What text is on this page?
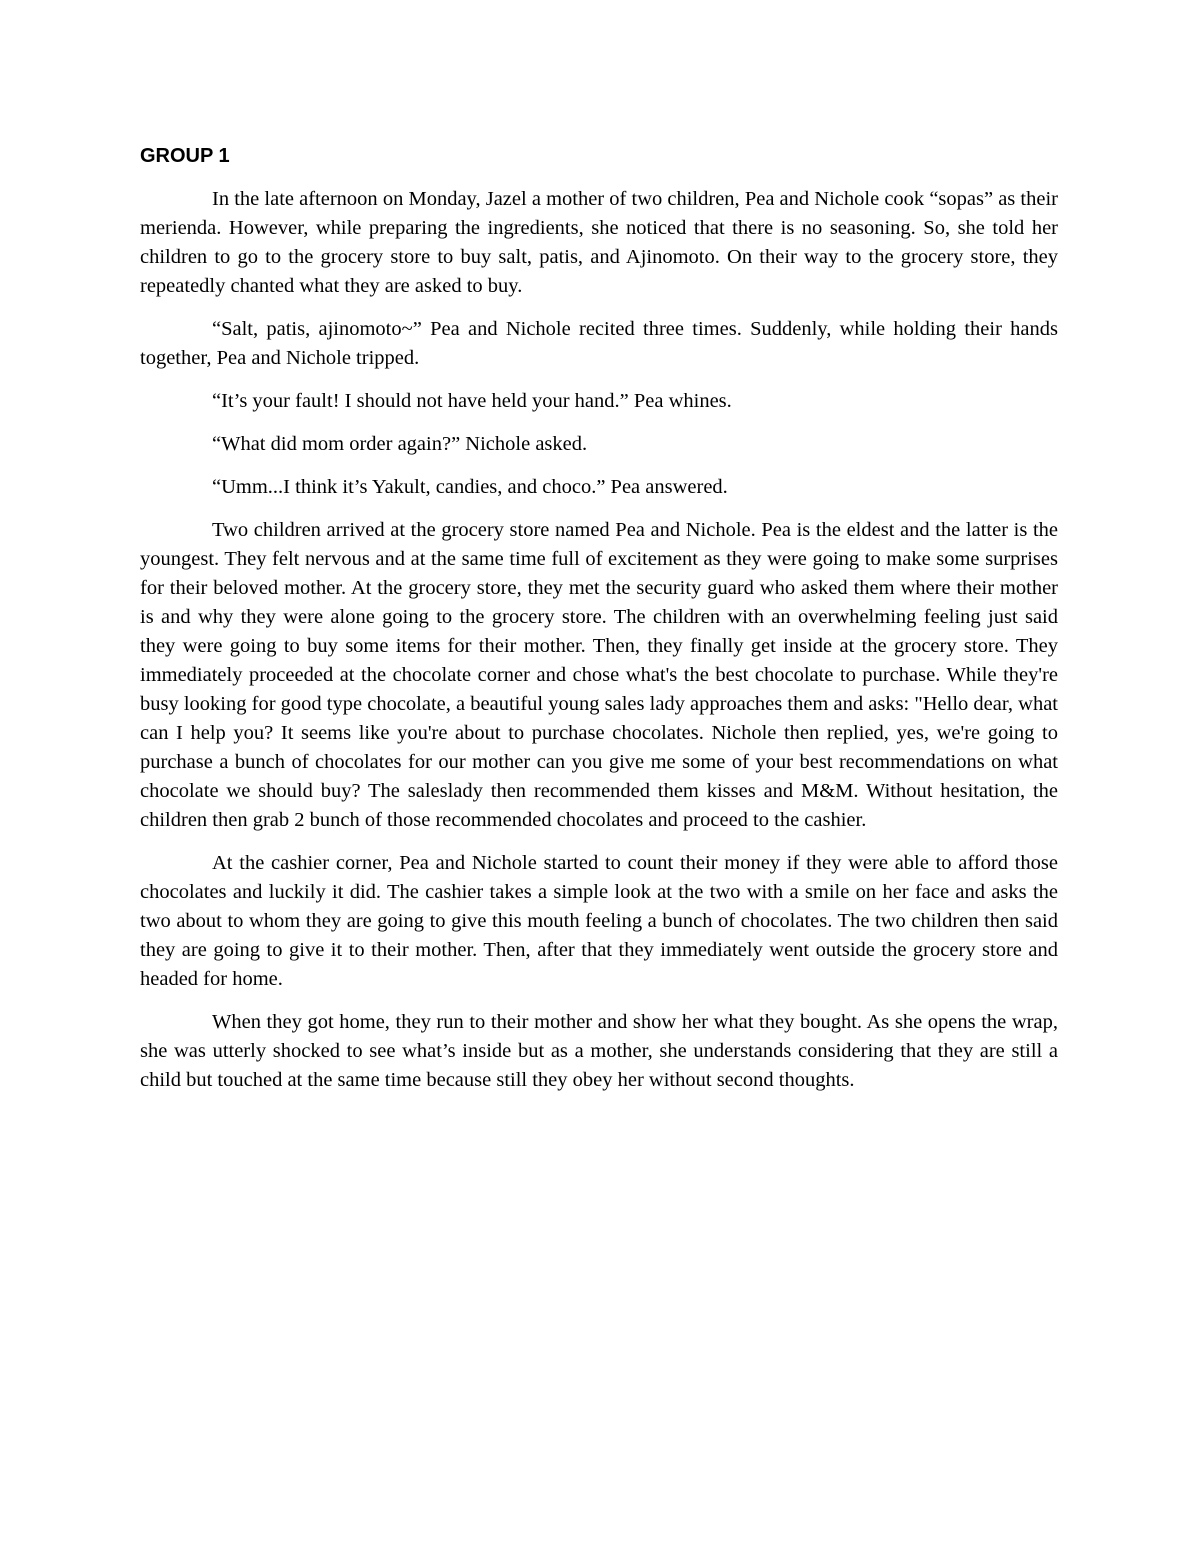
GROUP 1

In the late afternoon on Monday, Jazel a mother of two children, Pea and Nichole cook “sopas” as their merienda. However, while preparing the ingredients, she noticed that there is no seasoning. So, she told her children to go to the grocery store to buy salt, patis, and Ajinomoto. On their way to the grocery store, they repeatedly chanted what they are asked to buy.

“Salt, patis, ajinomoto~” Pea and Nichole recited three times. Suddenly, while holding their hands together, Pea and Nichole tripped.

“It’s your fault! I should not have held your hand.” Pea whines.

“What did mom order again?” Nichole asked.

“Umm...I think it’s Yakult, candies, and choco.” Pea answered.

Two children arrived at the grocery store named Pea and Nichole. Pea is the eldest and the latter is the youngest. They felt nervous and at the same time full of excitement as they were going to make some surprises for their beloved mother. At the grocery store, they met the security guard who asked them where their mother is and why they were alone going to the grocery store. The children with an overwhelming feeling just said they were going to buy some items for their mother. Then, they finally get inside at the grocery store. They immediately proceeded at the chocolate corner and chose what's the best chocolate to purchase. While they're busy looking for good type chocolate, a beautiful young sales lady approaches them and asks: "Hello dear, what can I help you? It seems like you're about to purchase chocolates. Nichole then replied, yes, we're going to purchase a bunch of chocolates for our mother can you give me some of your best recommendations on what chocolate we should buy? The saleslady then recommended them kisses and M&M. Without hesitation, the children then grab 2 bunch of those recommended chocolates and proceed to the cashier.

At the cashier corner, Pea and Nichole started to count their money if they were able to afford those chocolates and luckily it did. The cashier takes a simple look at the two with a smile on her face and asks the two about to whom they are going to give this mouth feeling a bunch of chocolates. The two children then said they are going to give it to their mother. Then, after that they immediately went outside the grocery store and headed for home.

When they got home, they run to their mother and show her what they bought. As she opens the wrap, she was utterly shocked to see what’s inside but as a mother, she understands considering that they are still a child but touched at the same time because still they obey her without second thoughts.
